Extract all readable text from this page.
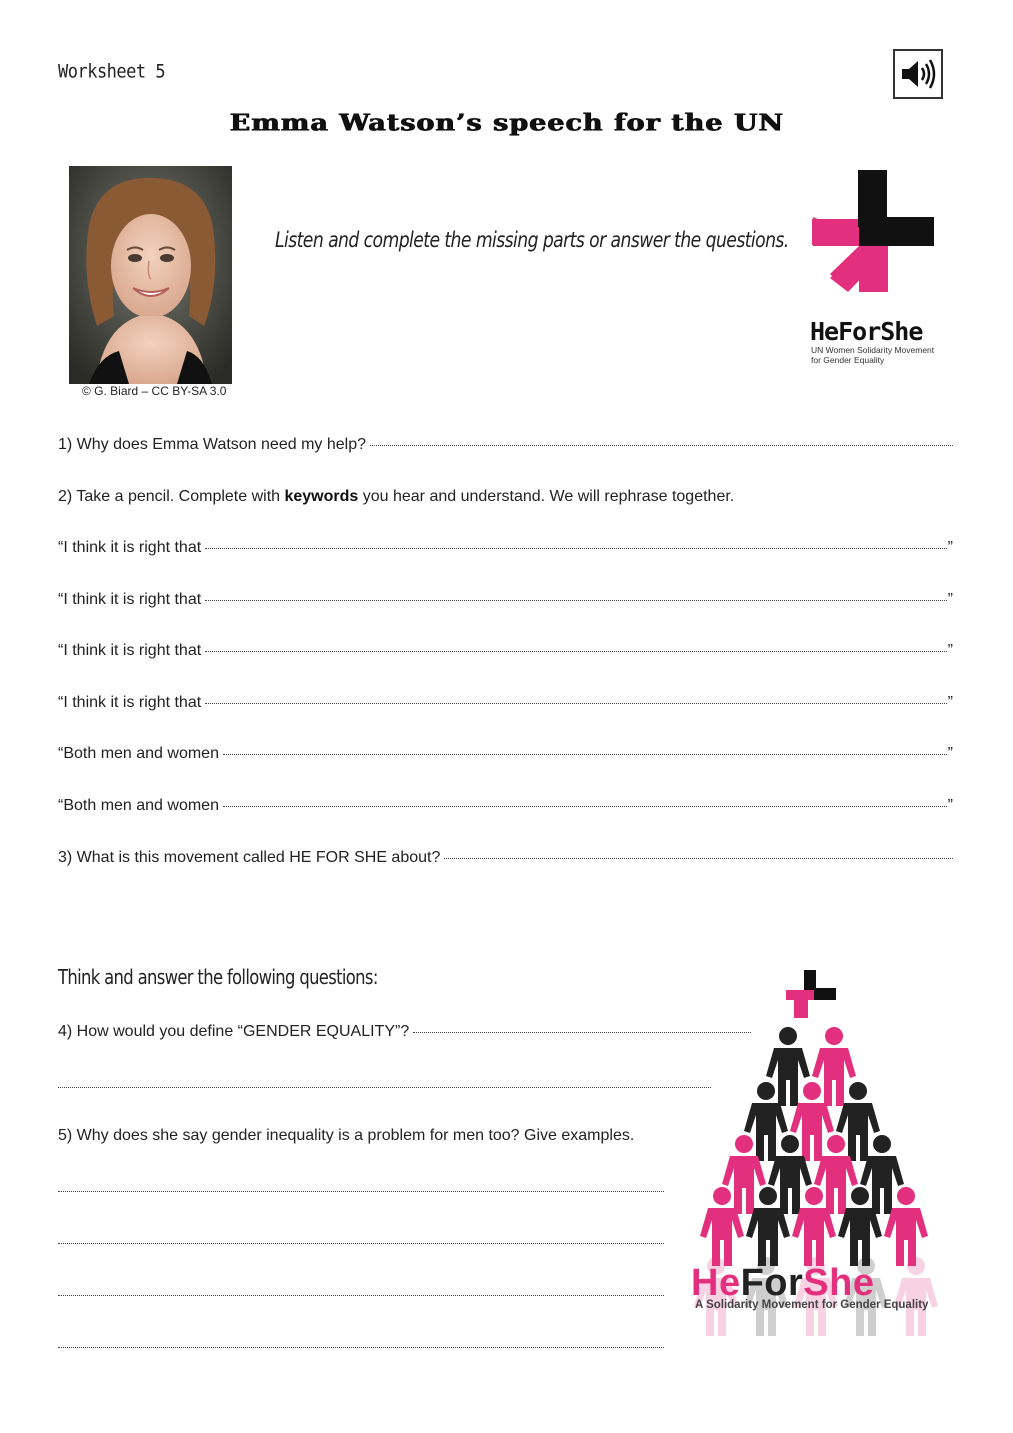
Worksheet 5
Emma Watson’s speech for the UN
© G. Biard – CC BY-SA 3.0
Listen and complete the missing parts or answer the questions.
HeForShe
UN Women Solidarity Movement
for Gender Equality
1) Why does Emma Watson need my help?
2) Take a pencil. Complete with keywords you hear and understand. We will rephrase together.
“I think it is right that	”
“I think it is right that	”
“I think it is right that	”
“I think it is right that	”
“Both men and women	”
“Both men and women	”
3) What is this movement called HE FOR SHE about?
Think and answer the following questions:
4) How would you define “GENDER EQUALITY”?
5) Why does she say gender inequality is a problem for men too? Give examples.
HeForShe
A Solidarity Movement for Gender Equality
